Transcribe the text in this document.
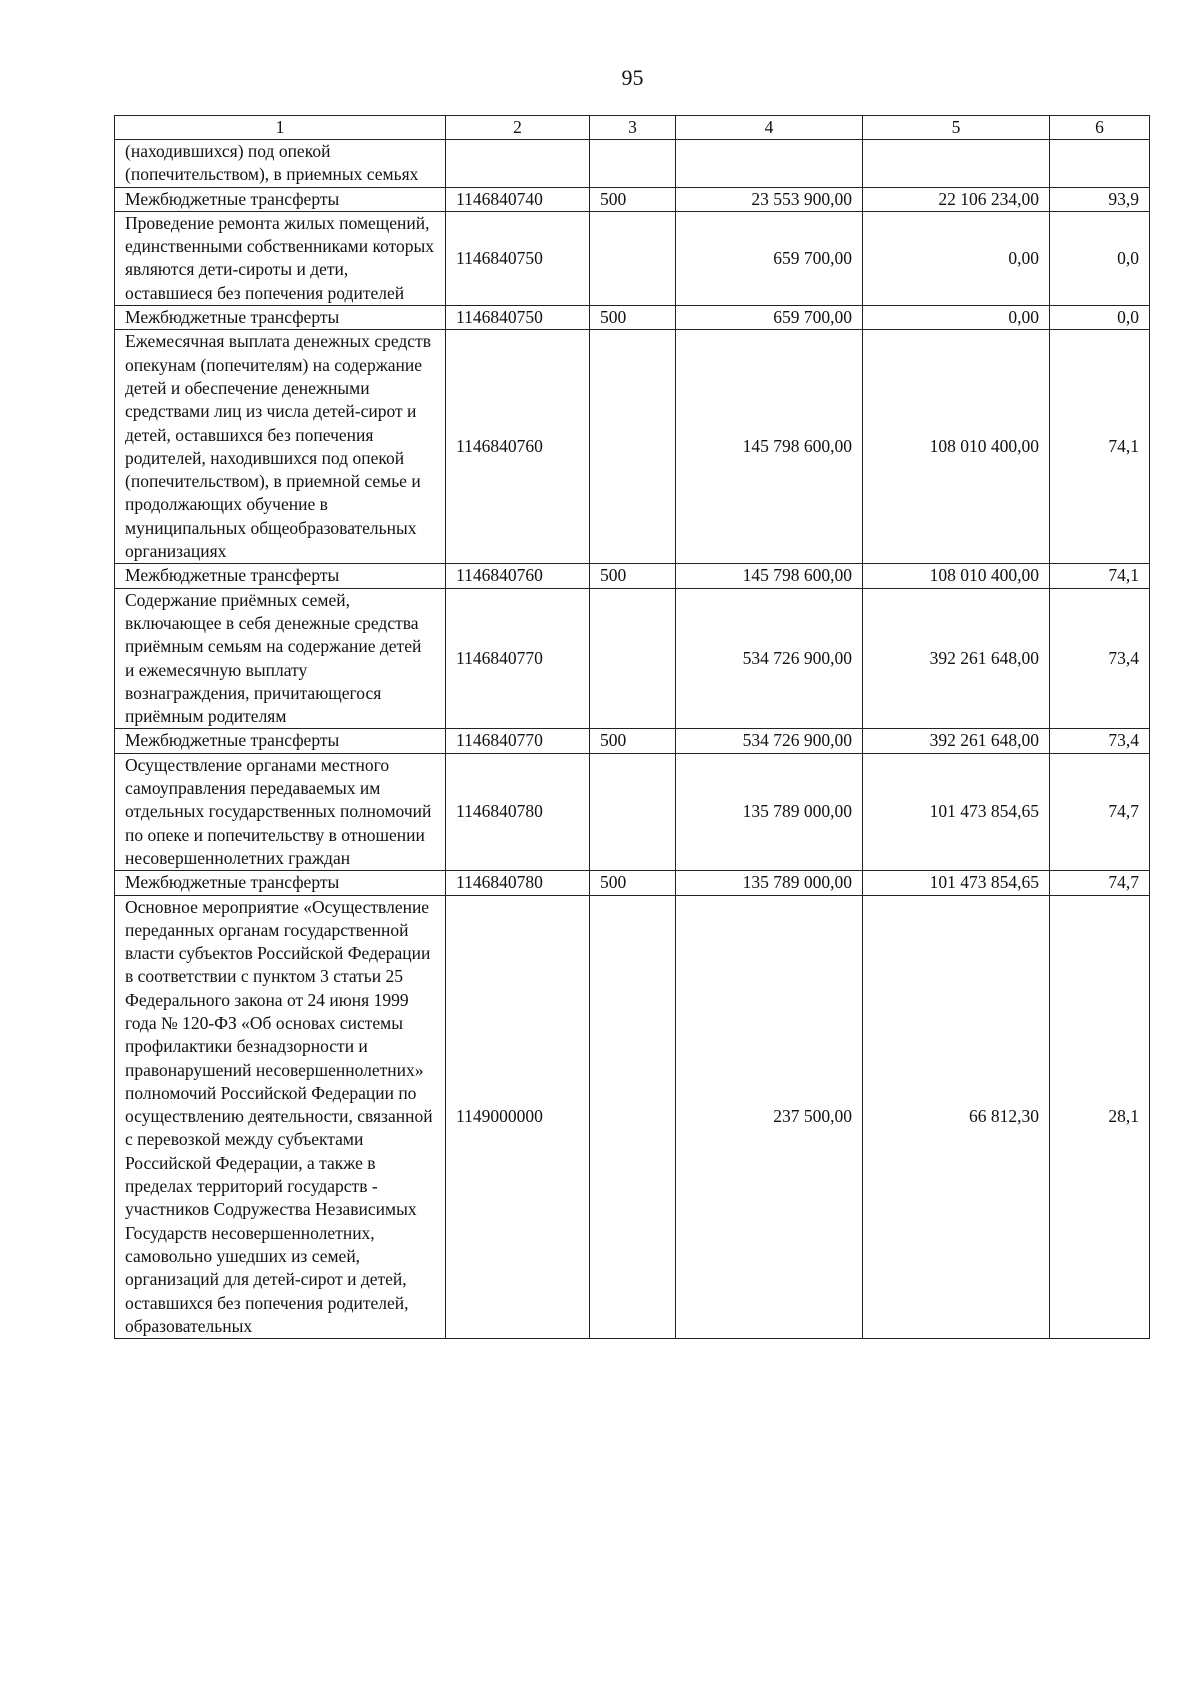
95
1	2	3	4	5	6
(находившихся) под опекой (попечительством), в приемных семьях					
Межбюджетные трансферты	1146840740	500	23 553 900,00	22 106 234,00	93,9
Проведение ремонта жилых помещений, единственными собственниками которых являются дети-сироты и дети, оставшиеся без попечения родителей	1146840750		659 700,00	0,00	0,0
Межбюджетные трансферты	1146840750	500	659 700,00	0,00	0,0
Ежемесячная выплата денежных средств опекунам (попечителям) на содержание детей и обеспечение денежными средствами лиц из числа детей-сирот и детей, оставшихся без попечения родителей, находившихся под опекой (попечительством), в приемной семье и продолжающих обучение в муниципальных общеобразовательных организациях	1146840760		145 798 600,00	108 010 400,00	74,1
Межбюджетные трансферты	1146840760	500	145 798 600,00	108 010 400,00	74,1
Содержание приёмных семей, включающее в себя денежные средства приёмным семьям на содержание детей и ежемесячную выплату вознаграждения, причитающегося приёмным родителям	1146840770		534 726 900,00	392 261 648,00	73,4
Межбюджетные трансферты	1146840770	500	534 726 900,00	392 261 648,00	73,4
Осуществление органами местного самоуправления передаваемых им отдельных государственных полномочий по опеке и попечительству в отношении несовершеннолетних граждан	1146840780		135 789 000,00	101 473 854,65	74,7
Межбюджетные трансферты	1146840780	500	135 789 000,00	101 473 854,65	74,7
Основное мероприятие «Осуществление переданных органам государственной власти субъектов Российской Федерации в соответствии с пунктом 3 статьи 25 Федерального закона от 24 июня 1999 года № 120-ФЗ «Об основах системы профилактики безнадзорности и правонарушений несовершеннолетних» полномочий Российской Федерации по осуществлению деятельности, связанной с перевозкой между субъектами Российской Федерации, а также в пределах территорий государств - участников Содружества Независимых Государств несовершеннолетних, самовольно ушедших из семей, организаций для детей-сирот и детей, оставшихся без попечения родителей, образовательных	1149000000		237 500,00	66 812,30	28,1
